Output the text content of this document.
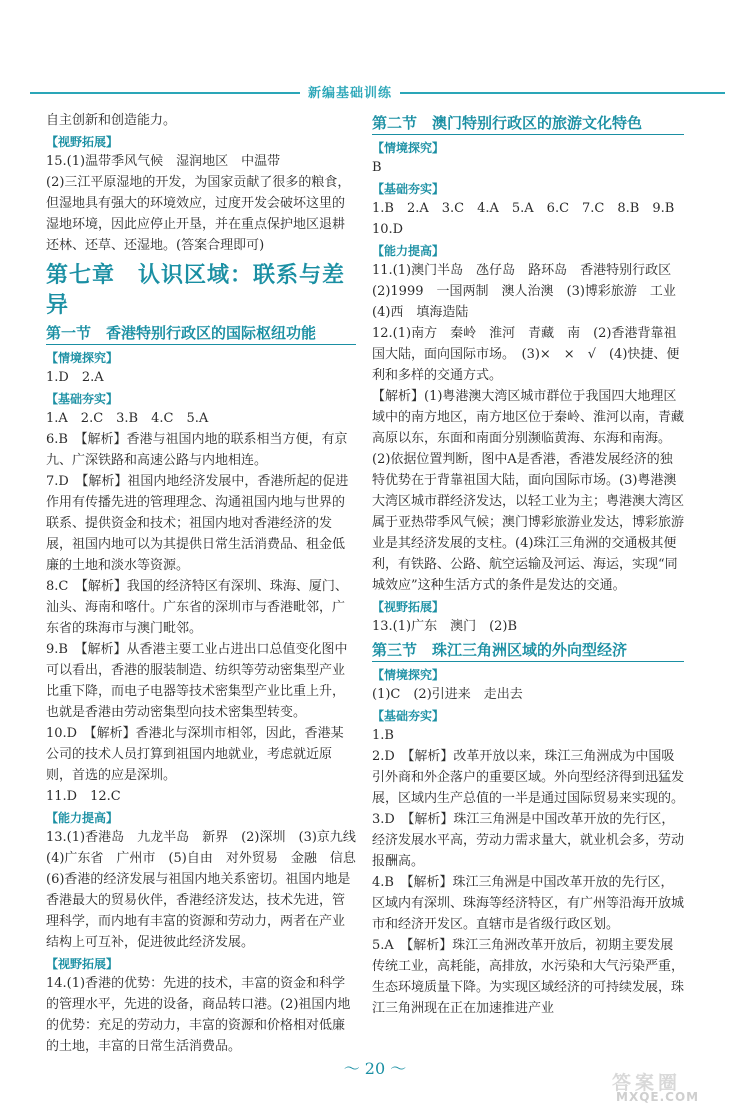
新编基础训练
自主创新和创造能力。
【视野拓展】
15.(1)温带季风气候　湿润地区　中温带
(2)三江平原湿地的开发，为国家贡献了很多的粮食，但湿地具有强大的环境效应，过度开发会破坏这里的湿地环境，因此应停止开垦，并在重点保护地区退耕还林、还草、还湿地。(答案合理即可)
第七章　认识区域：联系与差异
第一节　香港特别行政区的国际枢纽功能
【情境探究】
1.D　2.A
【基础夯实】
1.A　2.C　3.B　4.C　5.A
6.B　【解析】香港与祖国内地的联系相当方便，有京九、广深铁路和高速公路与内地相连。
7.D　【解析】祖国内地经济发展中，香港所起的促进作用有传播先进的管理理念、沟通祖国内地与世界的联系、提供资金和技术；祖国内地对香港经济的发展，祖国内地可以为其提供日常生活消费品、租金低廉的土地和淡水等资源。
8.C　【解析】我国的经济特区有深圳、珠海、厦门、汕头、海南和喀什。广东省的深圳市与香港毗邻，广东省的珠海市与澳门毗邻。
9.B　【解析】从香港主要工业占进出口总值变化图中可以看出，香港的服装制造、纺织等劳动密集型产业比重下降，而电子电器等技术密集型产业比重上升，也就是香港由劳动密集型向技术密集型转变。
10.D　【解析】香港北与深圳市相邻，因此，香港某公司的技术人员打算到祖国内地就业，考虑就近原则，首选的应是深圳。
11.D　12.C
【能力提高】
13.(1)香港岛　九龙半岛　新界　(2)深圳　(3)京九线　(4)广东省　广州市　(5)自由　对外贸易　金融　信息　(6)香港的经济发展与祖国内地关系密切。祖国内地是香港最大的贸易伙伴，香港经济发达，技术先进，管理科学，而内地有丰富的资源和劳动力，两者在产业结构上可互补，促进彼此经济发展。
【视野拓展】
14.(1)香港的优势：先进的技术，丰富的资金和科学的管理水平，先进的设备，商品转口港。(2)祖国内地的优势：充足的劳动力，丰富的资源和价格相对低廉的土地，丰富的日常生活消费品。
第二节　澳门特别行政区的旅游文化特色
【情境探究】
B
【基础夯实】
1.B　2.A　3.C　4.A　5.A　6.C　7.C　8.B　9.B　10.D
【能力提高】
11.(1)澳门半岛　氹仔岛　路环岛　香港特别行政区　(2)1999　一国两制　澳人治澳　(3)博彩旅游　工业　(4)西　填海造陆
12.(1)南方　秦岭　淮河　青藏　南　(2)香港背靠祖国大陆，面向国际市场。　(3)×　×　√　(4)快捷、便利和多样的交通方式。
【解析】(1)粤港澳大湾区城市群位于我国四大地理区域中的南方地区，南方地区位于秦岭、淮河以南，青藏高原以东，东面和南面分别濒临黄海、东海和南海。(2)依据位置判断，图中A是香港，香港发展经济的独特优势在于背靠祖国大陆，面向国际市场。(3)粤港澳大湾区城市群经济发达，以轻工业为主；粤港澳大湾区属于亚热带季风气候；澳门博彩旅游业发达，博彩旅游业是其经济发展的支柱。(4)珠江三角洲的交通极其便利，有铁路、公路、航空运输及河运、海运，实现“同城效应”这种生活方式的条件是发达的交通。
【视野拓展】
13.(1)广东　澳门　(2)B
第三节　珠江三角洲区域的外向型经济
【情境探究】
(1)C　(2)引进来　走出去
【基础夯实】
1.B
2.D　【解析】改革开放以来，珠江三角洲成为中国吸引外商和外企落户的重要区域。外向型经济得到迅猛发展，区域内生产总值的一半是通过国际贸易来实现的。
3.D　【解析】珠江三角洲是中国改革开放的先行区，经济发展水平高，劳动力需求量大，就业机会多，劳动报酬高。
4.B　【解析】珠江三角洲是中国改革开放的先行区，区域内有深圳、珠海等经济特区，有广州等沿海开放城市和经济开发区。直辖市是省级行政区划。
5.A　【解析】珠江三角洲改革开放后，初期主要发展传统工业，高耗能，高排放，水污染和大气污染严重，生态环境质量下降。为实现区域经济的可持续发展，珠江三角洲现在正在加速推进产业
～ 20 ～
答案圈
MXQE.COM
